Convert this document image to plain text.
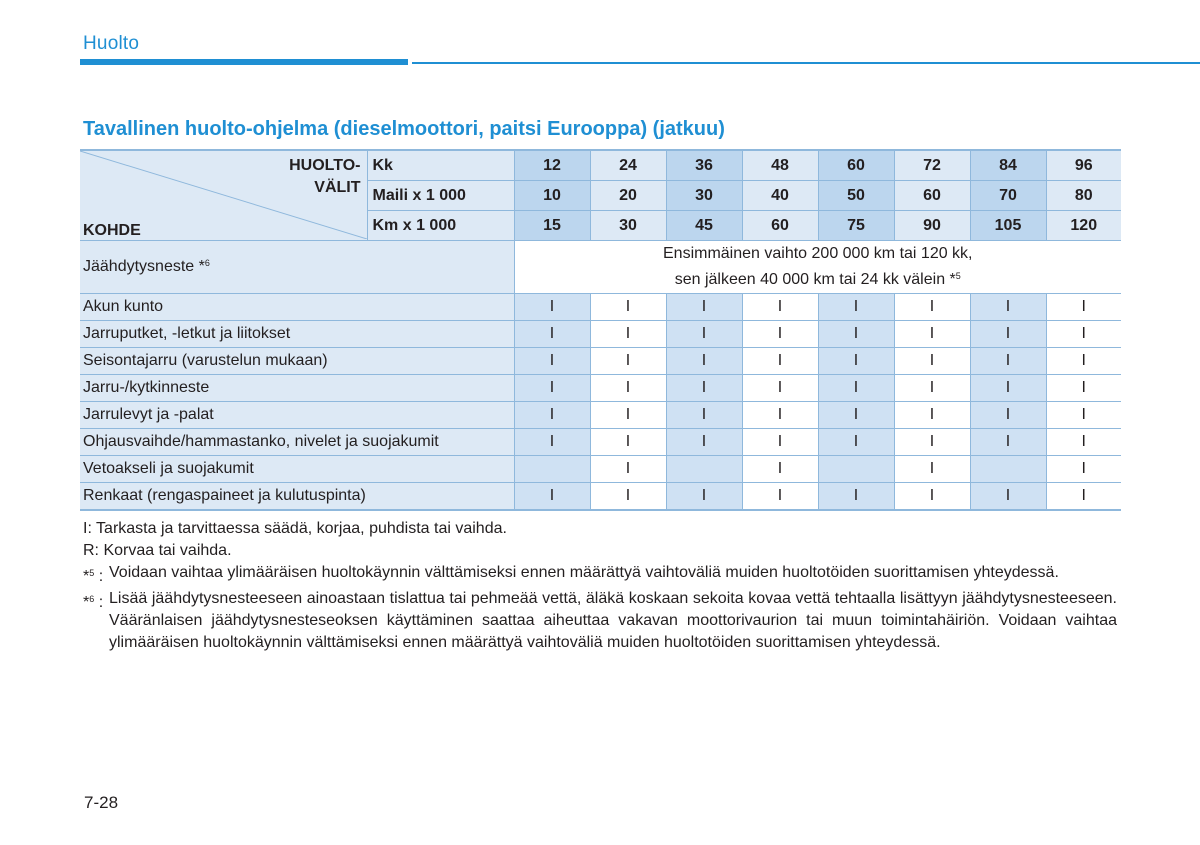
Huolto
Tavallinen huolto-ohjelma (dieselmoottori, paitsi Eurooppa) (jatkuu)
HUOLTO-
VÄLIT
KOHDE	Kk	12	24	36	48	60	72	84	96
	Maili x 1 000	10	20	30	40	50	60	70	80
	Km x 1 000	15	30	45	60	75	90	105	120
Jäähdytysneste *$^6$		Ensimmäinen vaihto 200 000 km tai 120 kk,
sen jälkeen 40 000 km tai 24 kk välein *$^5$

Akun kunto		I	I	I	I	I	I	I	I
Jarruputket, -letkut ja liitokset		I	I	I	I	I	I	I	I
Seisontajarru (varustelun mukaan)		I	I	I	I	I	I	I	I
Jarru-/kytkinneste		I	I	I	I	I	I	I	I
Jarrulevyt ja -palat		I	I	I	I	I	I	I	I
Ohjausvaihde/hammastanko, nivelet ja suojakumit		I	I	I	I	I	I	I	I
Vetoakseli ja suojakumit			I		I		I		I
Renkaat (rengaspaineet ja kulutuspinta)		I	I	I	I	I	I	I	I

I: Tarkasta ja tarvittaessa säädä, korjaa, puhdista tai vaihda.

R: Korvaa tai vaihda.

*$^5$ : Voidaan vaihtaa ylimääräisen huoltokäynnin välttämiseksi ennen määrättyä vaihtoväliä muiden huoltotöiden suorittamisen yhteydessä.
*$^6$ : Lisää jäähdytysnesteeseen ainoastaan tislattua tai pehmeää vettä, äläkä koskaan sekoita kovaa vettä tehtaalla lisättyyn jäähdytysnesteeseen. Vääränlaisen jäähdytysnesteseoksen käyttäminen saattaa aiheuttaa vakavan moottorivaurion tai muun toimintahäiriön. Voidaan vaihtaa ylimääräisen huoltokäynnin välttämiseksi ennen määrättyä vaihtoväliä muiden huoltotöiden suorittamisen yhteydessä.
7-28
